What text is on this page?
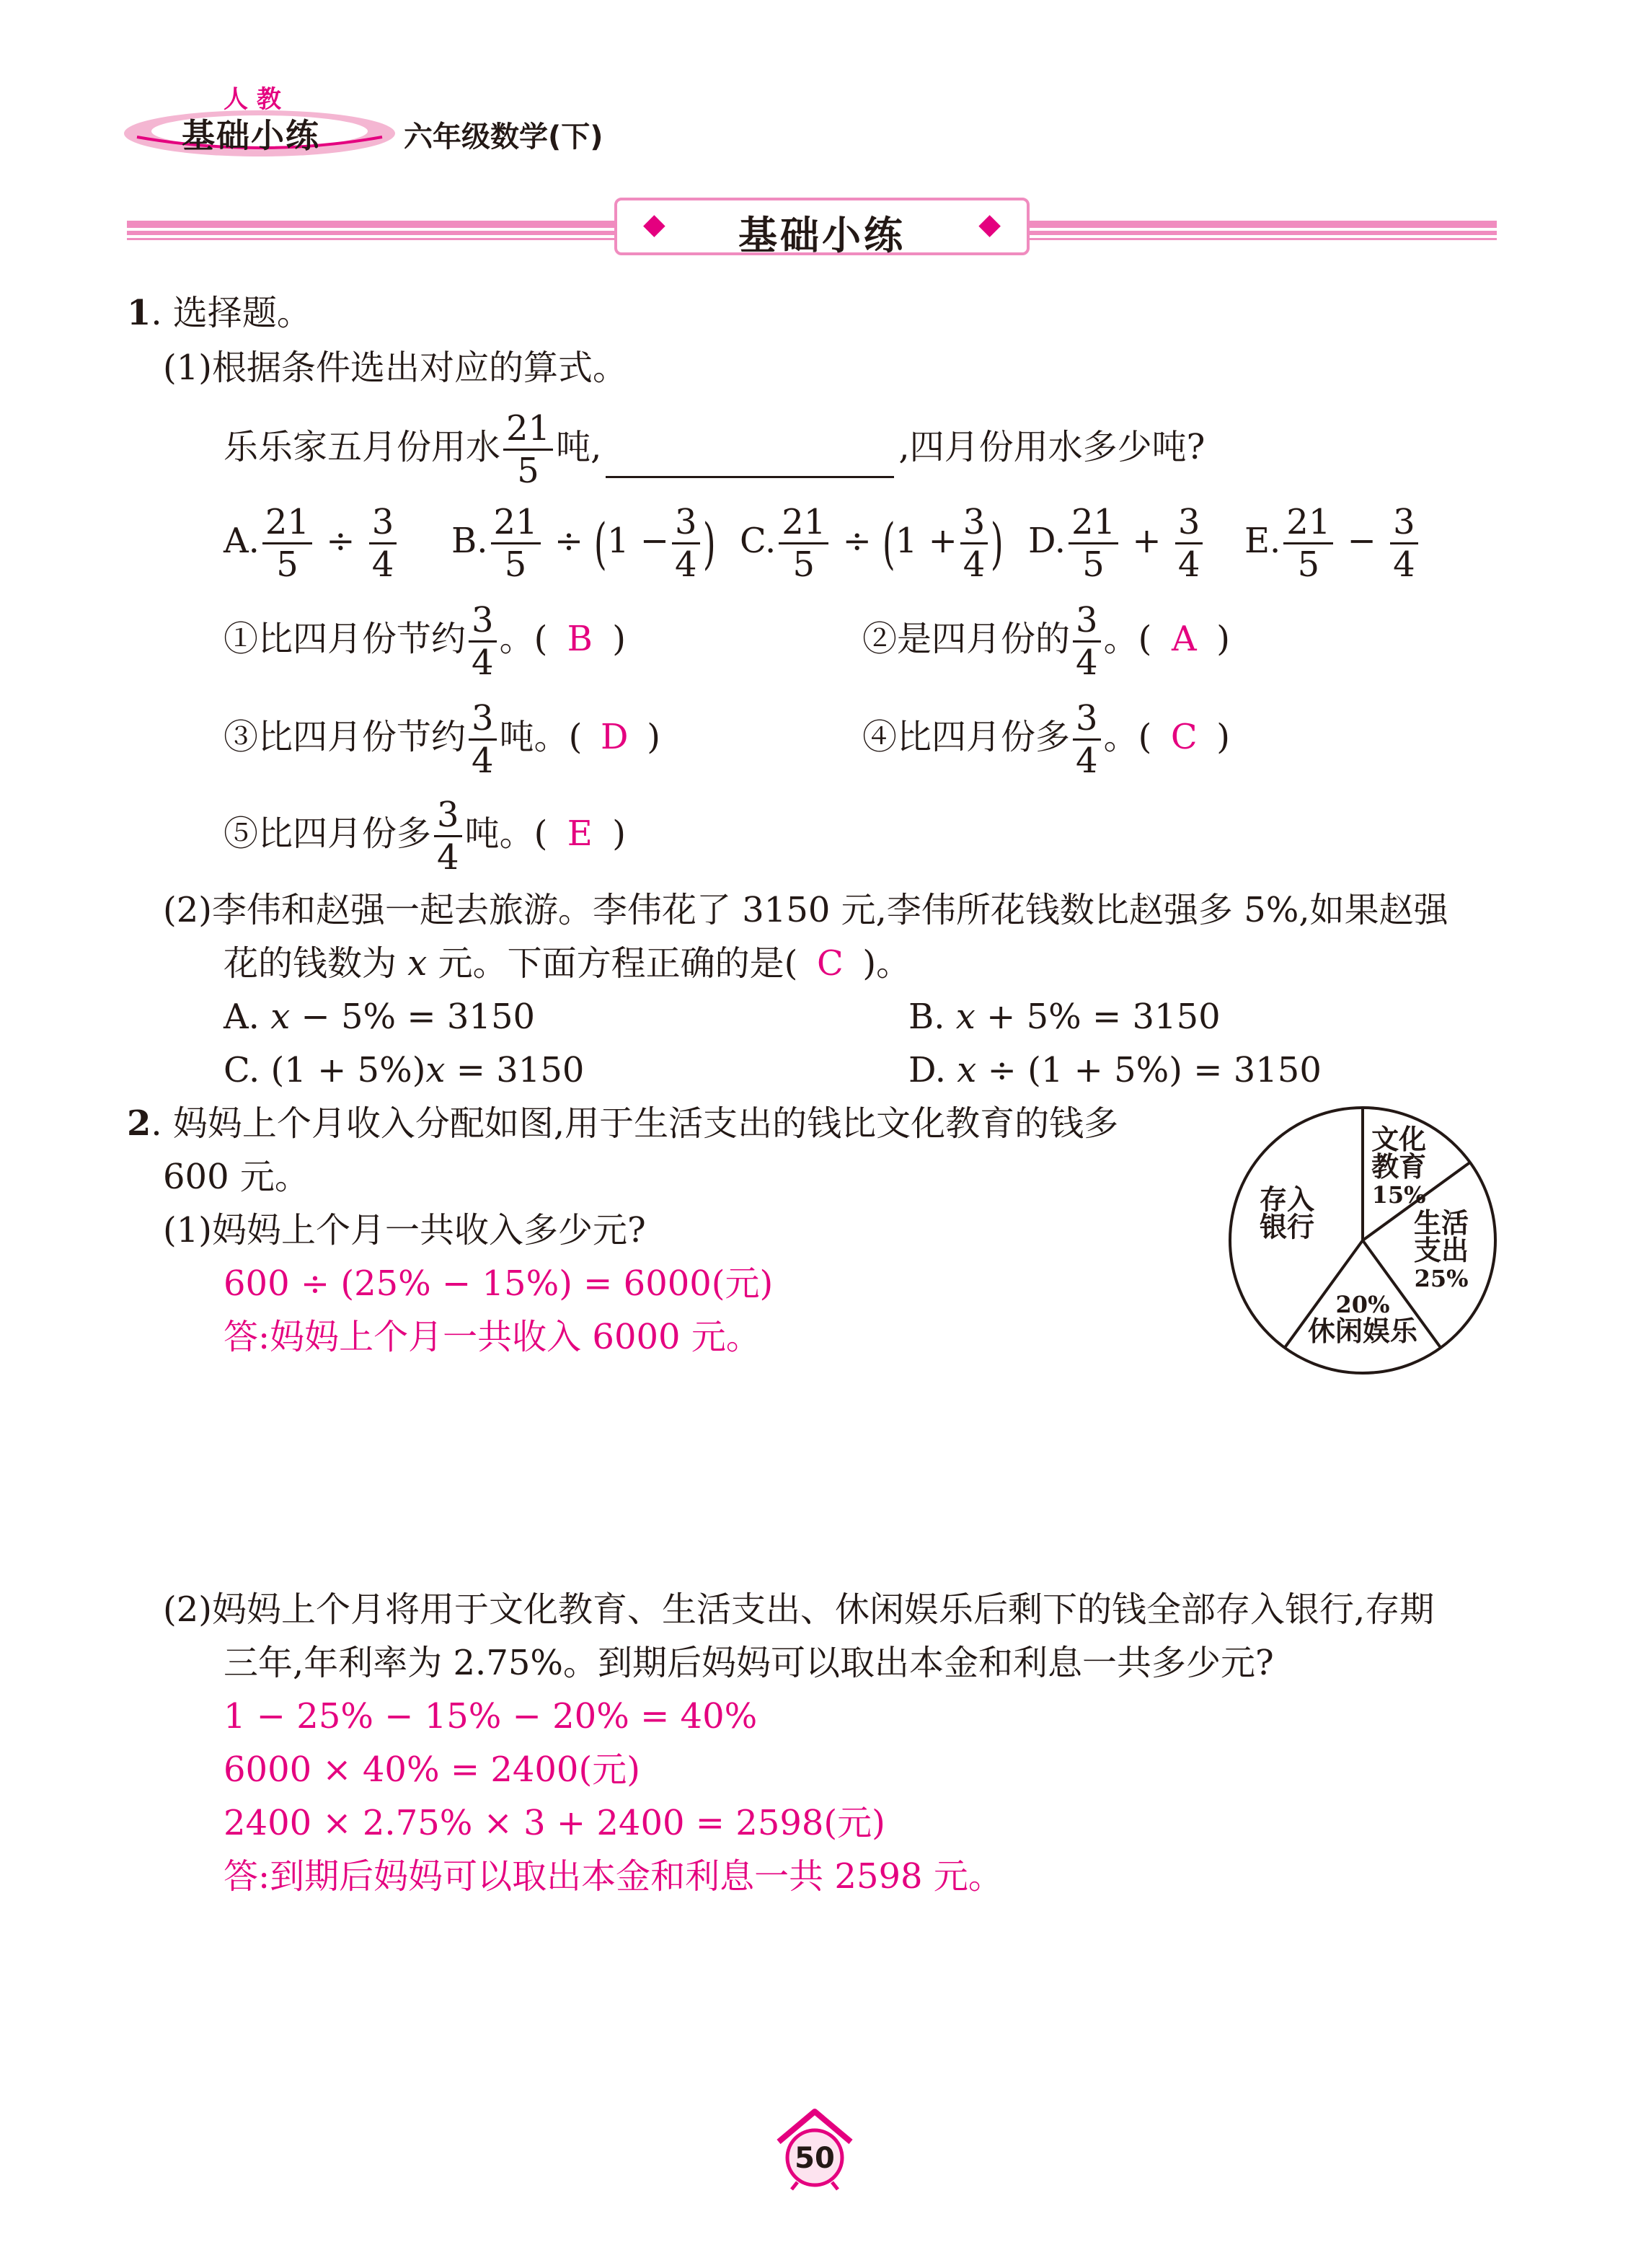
人 教
基础小练	六年级数学(下)
◆	基础小练	◆
1. 选择题。
(1)根据条件选出对应的算式。
乐乐家五月份用水 $\frac{21}{5}$ 吨,	,四月份用水多少吨?
A. $\frac{21}{5} \div \frac{3}{4} B$. $\frac{21}{5} \div (1 - \frac{3}{4}$ ) C. $\frac{21}{5} \div (1 + \frac{3}{4}$ ) D. $\frac{21}{5} + \frac{3}{4} E$. $\frac{21}{5} - \frac{3}{4}$
①比四月份节约 $\frac{3}{4}$ 。( B )	②是四月份的 $\frac{3}{4}$ 。( A )
③比四月份节约 $\frac{3}{4}$ 吨。( D )	④比四月份多 $\frac{3}{4}$ 。( C )
⑤比四月份多 $\frac{3}{4}$ 吨。( E )
(2)李伟和赵强一起去旅游。李伟花了 3150 元,李伟所花钱数比赵强多 5%,如果赵强
花的钱数为 x 元。下面方程正确的是( C )。
A. x − 5% = 3150	B. x + 5% = 3150
C. (1 + 5%)x = 3150	D. x ÷ (1 + 5%) = 3150
2. 妈妈上个月收入分配如图,用于生活支出的钱比文化教育的钱多
600 元。
(1)妈妈上个月一共收入多少元?
600 ÷ (25% − 15%) = 6000(元)
答:妈妈上个月一共收入 6000 元。
文化
教育
15%
生活
支出
25%
20%
休闲娱乐
存入
银行
(2)妈妈上个月将用于文化教育、生活支出、休闲娱乐后剩下的钱全部存入银行,存期
三年,年利率为 2.75%。到期后妈妈可以取出本金和利息一共多少元?
1 − 25% − 15% − 20% = 40%
6000 × 40% = 2400(元)
2400 × 2.75% × 3 + 2400 = 2598(元)
答:到期后妈妈可以取出本金和利息一共 2598 元。
50
